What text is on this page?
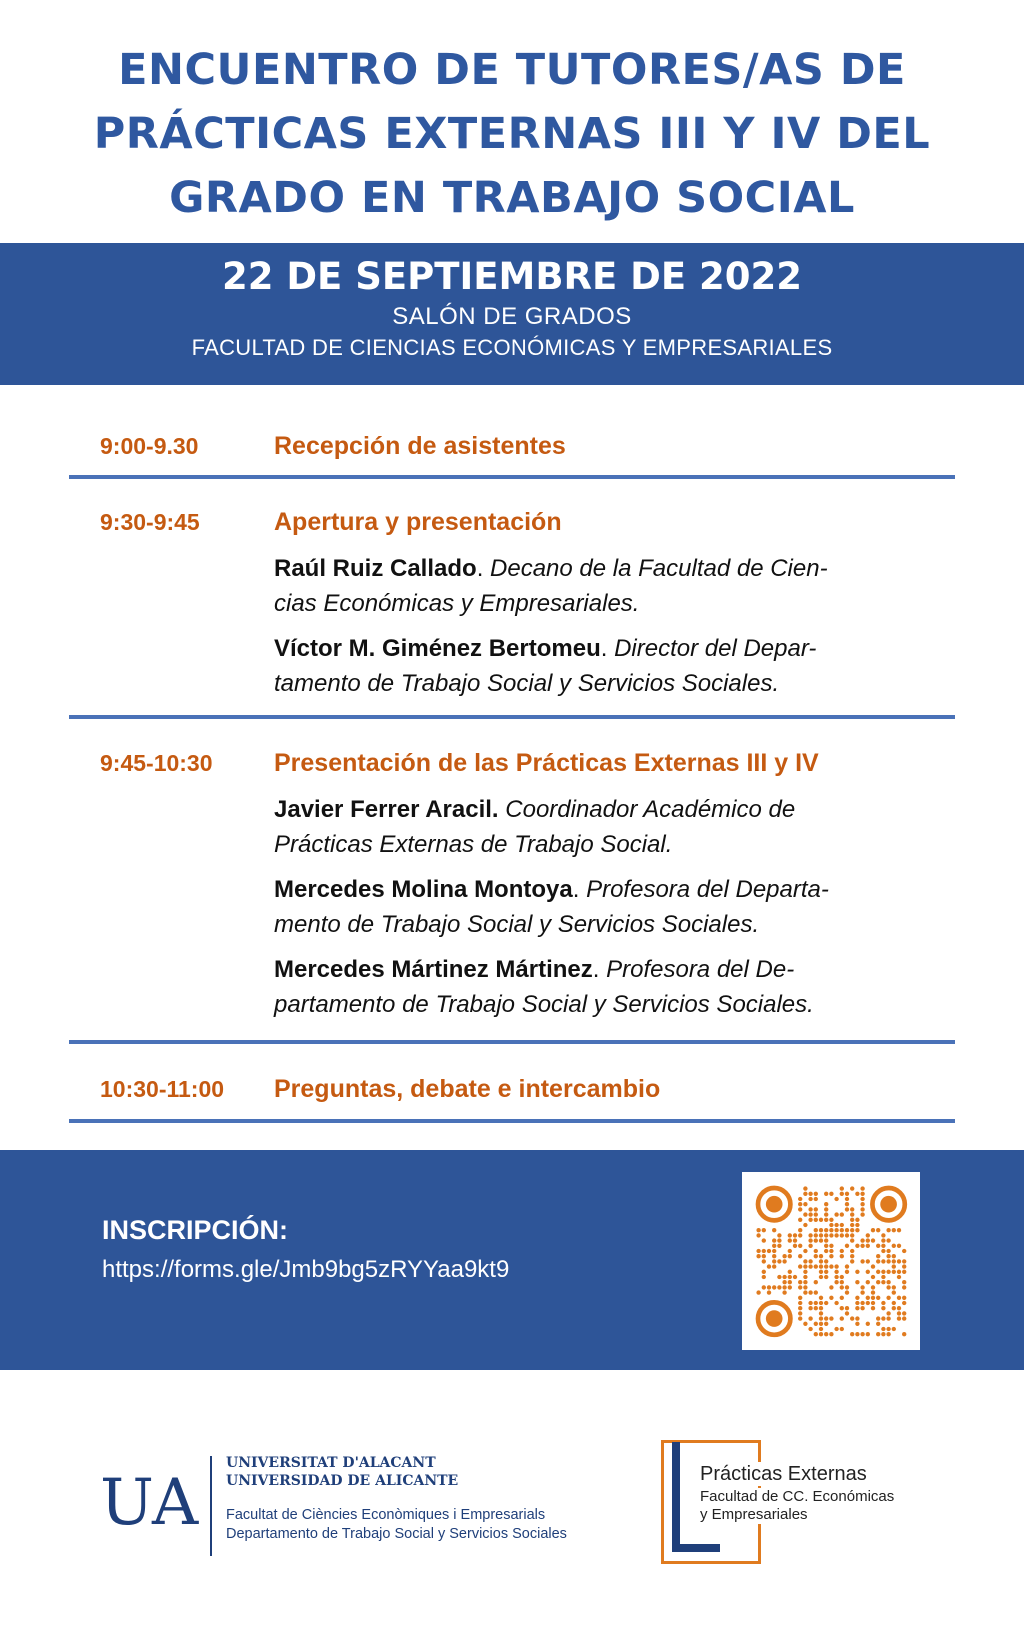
ENCUENTRO DE TUTORES/AS DE
PRÁCTICAS EXTERNAS III Y IV DEL
GRADO EN TRABAJO SOCIAL
22 DE SEPTIEMBRE DE 2022
SALÓN DE GRADOS
FACULTAD DE CIENCIAS ECONÓMICAS Y EMPRESARIALES
9:00-9.30	Recepción de asistentes
9:30-9:45	Apertura y presentación
Raúl Ruiz Callado. Decano de la Facultad de Cien-
cias Económicas y Empresariales.
Víctor M. Giménez Bertomeu. Director del Depar-
tamento de Trabajo Social y Servicios Sociales.
9:45-10:30 Presentación de las Prácticas Externas III y IV
Javier Ferrer Aracil. Coordinador Académico de
Prácticas Externas de Trabajo Social.
Mercedes Molina Montoya. Profesora del Departa-
mento de Trabajo Social y Servicios Sociales.
Mercedes Mártinez Mártinez. Profesora del De-
partamento de Trabajo Social y Servicios Sociales.
10:30-11:00 Preguntas, debate e intercambio
INSCRIPCIÓN:
https://forms.gle/Jmb9bg5zRYYaa9kt9
UA
UNIVERSITAT D'ALACANT
UNIVERSIDAD DE ALICANTE
Facultat de Ciències Econòmiques i Empresarials
Departamento de Trabajo Social y Servicios Sociales
Prácticas Externas
Facultad de CC. Económicas
y Empresariales
